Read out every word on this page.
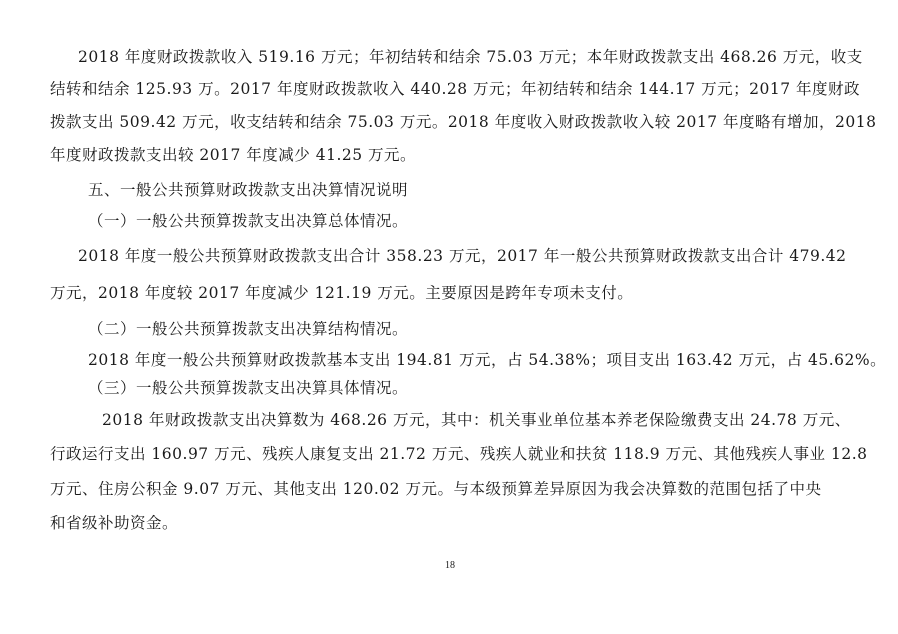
2018 年度财政拨款收入 519.16 万元；年初结转和结余 75.03 万元；本年财政拨款支出 468.26 万元，收支
结转和结余 125.93 万。2017 年度财政拨款收入 440.28 万元；年初结转和结余 144.17 万元；2017 年度财政
拨款支出 509.42 万元，收支结转和结余 75.03 万元。2018 年度收入财政拨款收入较 2017 年度略有增加，2018
年度财政拨款支出较 2017 年度减少 41.25 万元。
五、一般公共预算财政拨款支出决算情况说明
（一）一般公共预算拨款支出决算总体情况。
2018 年度一般公共预算财政拨款支出合计 358.23 万元，2017 年一般公共预算财政拨款支出合计 479.42
万元，2018 年度较 2017 年度减少 121.19 万元。主要原因是跨年专项未支付。
（二）一般公共预算拨款支出决算结构情况。
2018 年度一般公共预算财政拨款基本支出 194.81 万元，占 54.38%；项目支出 163.42 万元，占 45.62%。
（三）一般公共预算拨款支出决算具体情况。
2018 年财政拨款支出决算数为 468.26 万元，其中：机关事业单位基本养老保险缴费支出 24.78 万元、
行政运行支出 160.97 万元、残疾人康复支出 21.72 万元、残疾人就业和扶贫 118.9 万元、其他残疾人事业 12.8
万元、住房公积金 9.07 万元、其他支出 120.02 万元。与本级预算差异原因为我会决算数的范围包括了中央
和省级补助资金。
18
